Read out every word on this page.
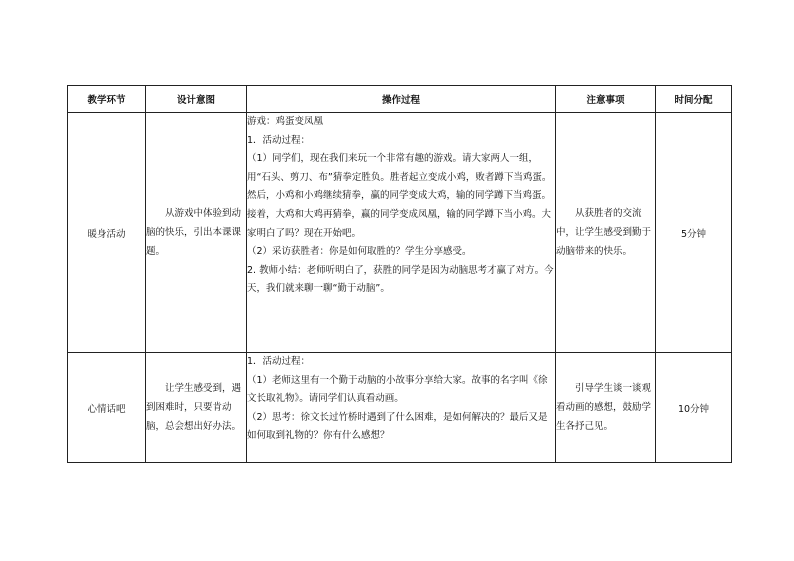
教学环节	设计意图	操作过程	注意事项	时间分配
暖身活动	从游戏中体验到动脑的快乐，引出本课课题。	游戏：鸡蛋变凤凰

1．活动过程：

（1）同学们，现在我们来玩一个非常有趣的游戏。请大家两人一组，用“石头、剪刀、布”猜拳定胜负。胜者起立变成小鸡，败者蹲下当鸡蛋。然后，小鸡和小鸡继续猜拳，赢的同学变成大鸡，输的同学蹲下当鸡蛋。接着，大鸡和大鸡再猜拳，赢的同学变成凤凰，输的同学蹲下当小鸡。大家明白了吗？现在开始吧。

（2）采访获胜者：你是如何取胜的？学生分享感受。

2. 教师小结：老师听明白了，获胜的同学是因为动脑思考才赢了对方。今天，我们就来聊一聊“勤于动脑”。	从获胜者的交流中，让学生感受到勤于动脑带来的快乐。	5分钟
心情话吧	让学生感受到，遇到困难时，只要肯动脑，总会想出好办法。	1．活动过程：

（1）老师这里有一个勤于动脑的小故事分享给大家。故事的名字叫《徐文长取礼物》。请同学们认真看动画。

（2）思考：徐文长过竹桥时遇到了什么困难，是如何解决的？最后又是如何取到礼物的？你有什么感想？	引导学生谈一谈观看动画的感想，鼓励学生各抒己见。	10分钟
